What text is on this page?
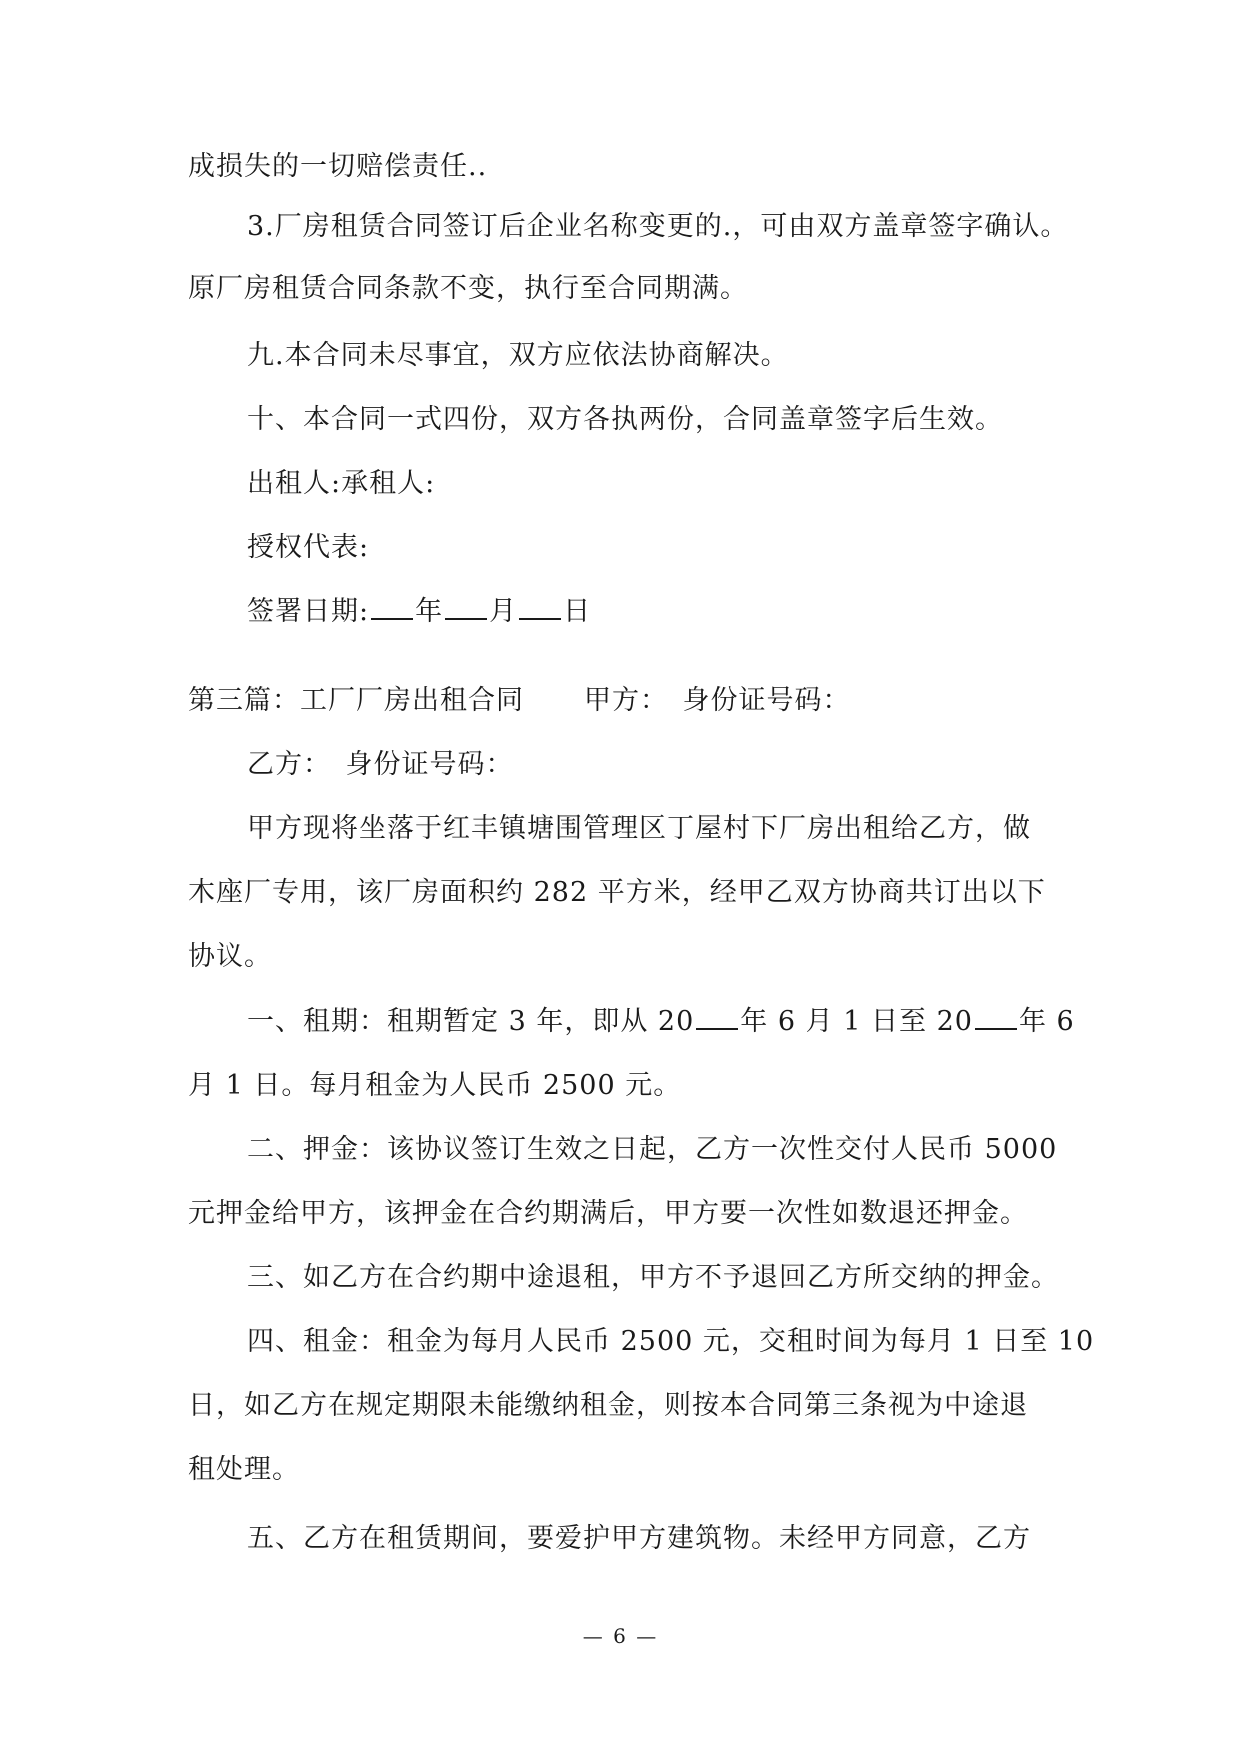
成损失的一切赔偿责任..
3.厂房租赁合同签订后企业名称变更的.，可由双方盖章签字确认。
原厂房租赁合同条款不变，执行至合同期满。
九.本合同未尽事宜，双方应依法协商解决。
十、本合同一式四份，双方各执两份，合同盖章签字后生效。
出租人:承租人:
授权代表:
签署日期: 年 月 日
第三篇：工厂厂房出租合同 甲方：　身份证号码：
乙方：　身份证号码：
甲方现将坐落于红丰镇塘围管理区丁屋村下厂房出租给乙方，做
木座厂专用，该厂房面积约 282 平方米，经甲乙双方协商共订出以下
协议。
一、租期：租期暂定 3 年，即从 20 年 6 月 1 日至 20 年 6
月 1 日。每月租金为人民币 2500 元。
二、押金：该协议签订生效之日起，乙方一次性交付人民币 5000
元押金给甲方，该押金在合约期满后，甲方要一次性如数退还押金。
三、如乙方在合约期中途退租，甲方不予退回乙方所交纳的押金。
四、租金：租金为每月人民币 2500 元，交租时间为每月 1 日至 10
日，如乙方在规定期限未能缴纳租金，则按本合同第三条视为中途退
租处理。
五、乙方在租赁期间，要爱护甲方建筑物。未经甲方同意，乙方
— 6 —
